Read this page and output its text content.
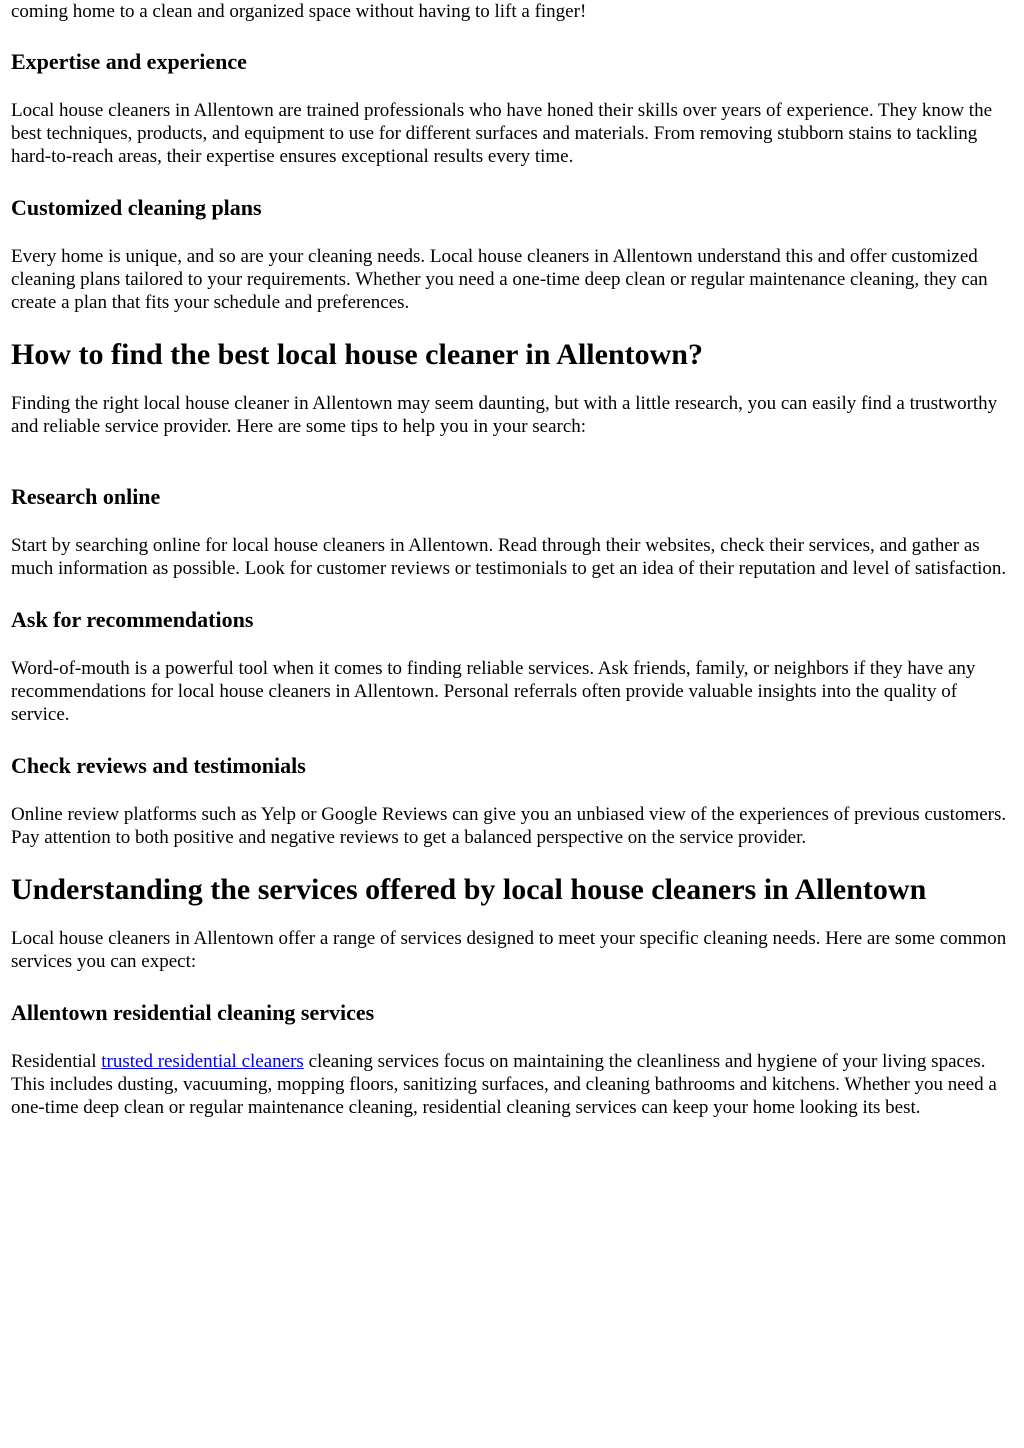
coming home to a clean and organized space without having to lift a finger!

Expertise and experience

Local house cleaners in Allentown are trained professionals who have honed their skills over years of experience. They know the best techniques, products, and equipment to use for different surfaces and materials. From removing stubborn stains to tackling hard-to-reach areas, their expertise ensures exceptional results every time.

Customized cleaning plans

Every home is unique, and so are your cleaning needs. Local house cleaners in Allentown understand this and offer customized cleaning plans tailored to your requirements. Whether you need a one-time deep clean or regular maintenance cleaning, they can create a plan that fits your schedule and preferences.

How to find the best local house cleaner in Allentown?

Finding the right local house cleaner in Allentown may seem daunting, but with a little research, you can easily find a trustworthy and reliable service provider. Here are some tips to help you in your search:

Research online

Start by searching online for local house cleaners in Allentown. Read through their websites, check their services, and gather as much information as possible. Look for customer reviews or testimonials to get an idea of their reputation and level of satisfaction.

Ask for recommendations

Word-of-mouth is a powerful tool when it comes to finding reliable services. Ask friends, family, or neighbors if they have any recommendations for local house cleaners in Allentown. Personal referrals often provide valuable insights into the quality of service.

Check reviews and testimonials

Online review platforms such as Yelp or Google Reviews can give you an unbiased view of the experiences of previous customers. Pay attention to both positive and negative reviews to get a balanced perspective on the service provider.

Understanding the services offered by local house cleaners in Allentown

Local house cleaners in Allentown offer a range of services designed to meet your specific cleaning needs. Here are some common services you can expect:

Allentown residential cleaning services

Residential trusted residential cleaners cleaning services focus on maintaining the cleanliness and hygiene of your living spaces. This includes dusting, vacuuming, mopping floors, sanitizing surfaces, and cleaning bathrooms and kitchens. Whether you need a one-time deep clean or regular maintenance cleaning, residential cleaning services can keep your home looking its best.
